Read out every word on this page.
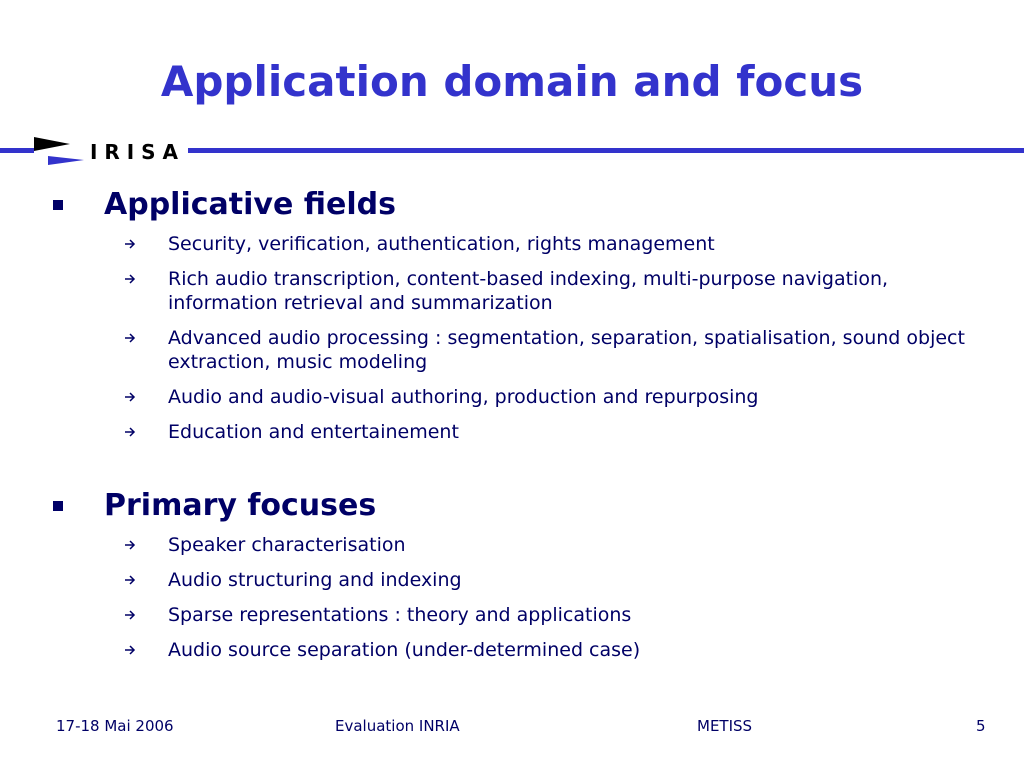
Application domain and focus
I R I S A
Applicative fields
Security, verification, authentication, rights management
Rich audio transcription, content-based indexing, multi-purpose navigation, information retrieval and summarization
Advanced audio processing : segmentation, separation, spatialisation, sound object extraction, music modeling
Audio and audio-visual authoring, production and repurposing
Education and entertainement
Primary focuses
Speaker characterisation
Audio structuring and indexing
Sparse representations : theory and applications
Audio source separation (under-determined case)
17-18 Mai 2006	Evaluation INRIA	METISS	5
